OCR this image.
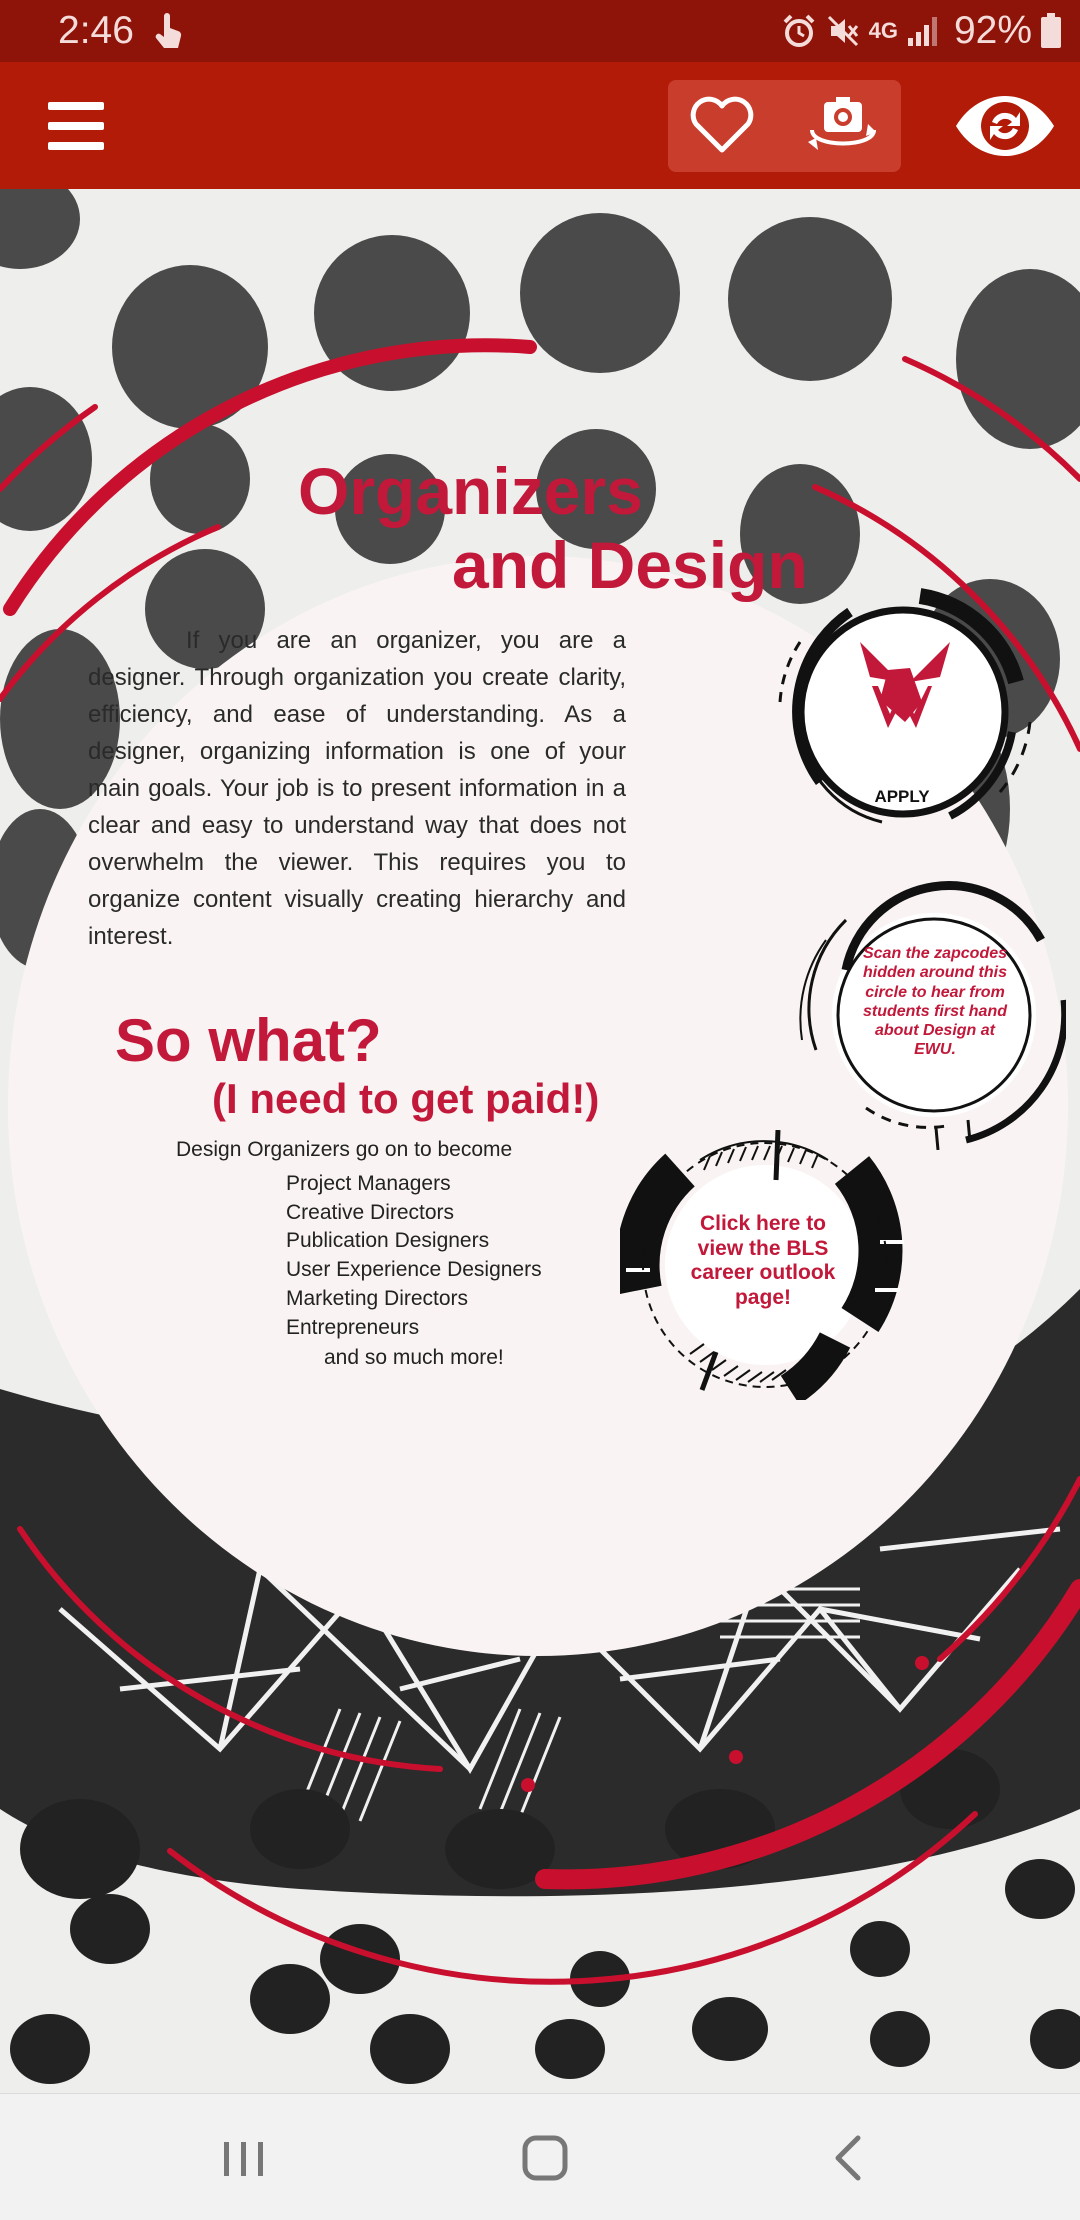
2:46	4G 92%
Organizers
and Design

If you are an organizer, you are a designer. Through organization you create clarity, efficiency, and ease of understanding. As a designer, organizing information is one of your main goals. Your job is to present information in a clear and easy to understand way that does not overwhelm the viewer. This requires you to organize content visually creating hierarchy and interest.

So what?
(I need to get paid!)
Design Organizers go on to become
Project Managers
Creative Directors
Publication Designers
User Experience Designers
Marketing Directors
Entrepreneurs
and so much more!
APPLY
Scan the zapcodes hidden around this circle to hear from students first hand about Design at EWU.
Click here to view the BLS career outlook page!
